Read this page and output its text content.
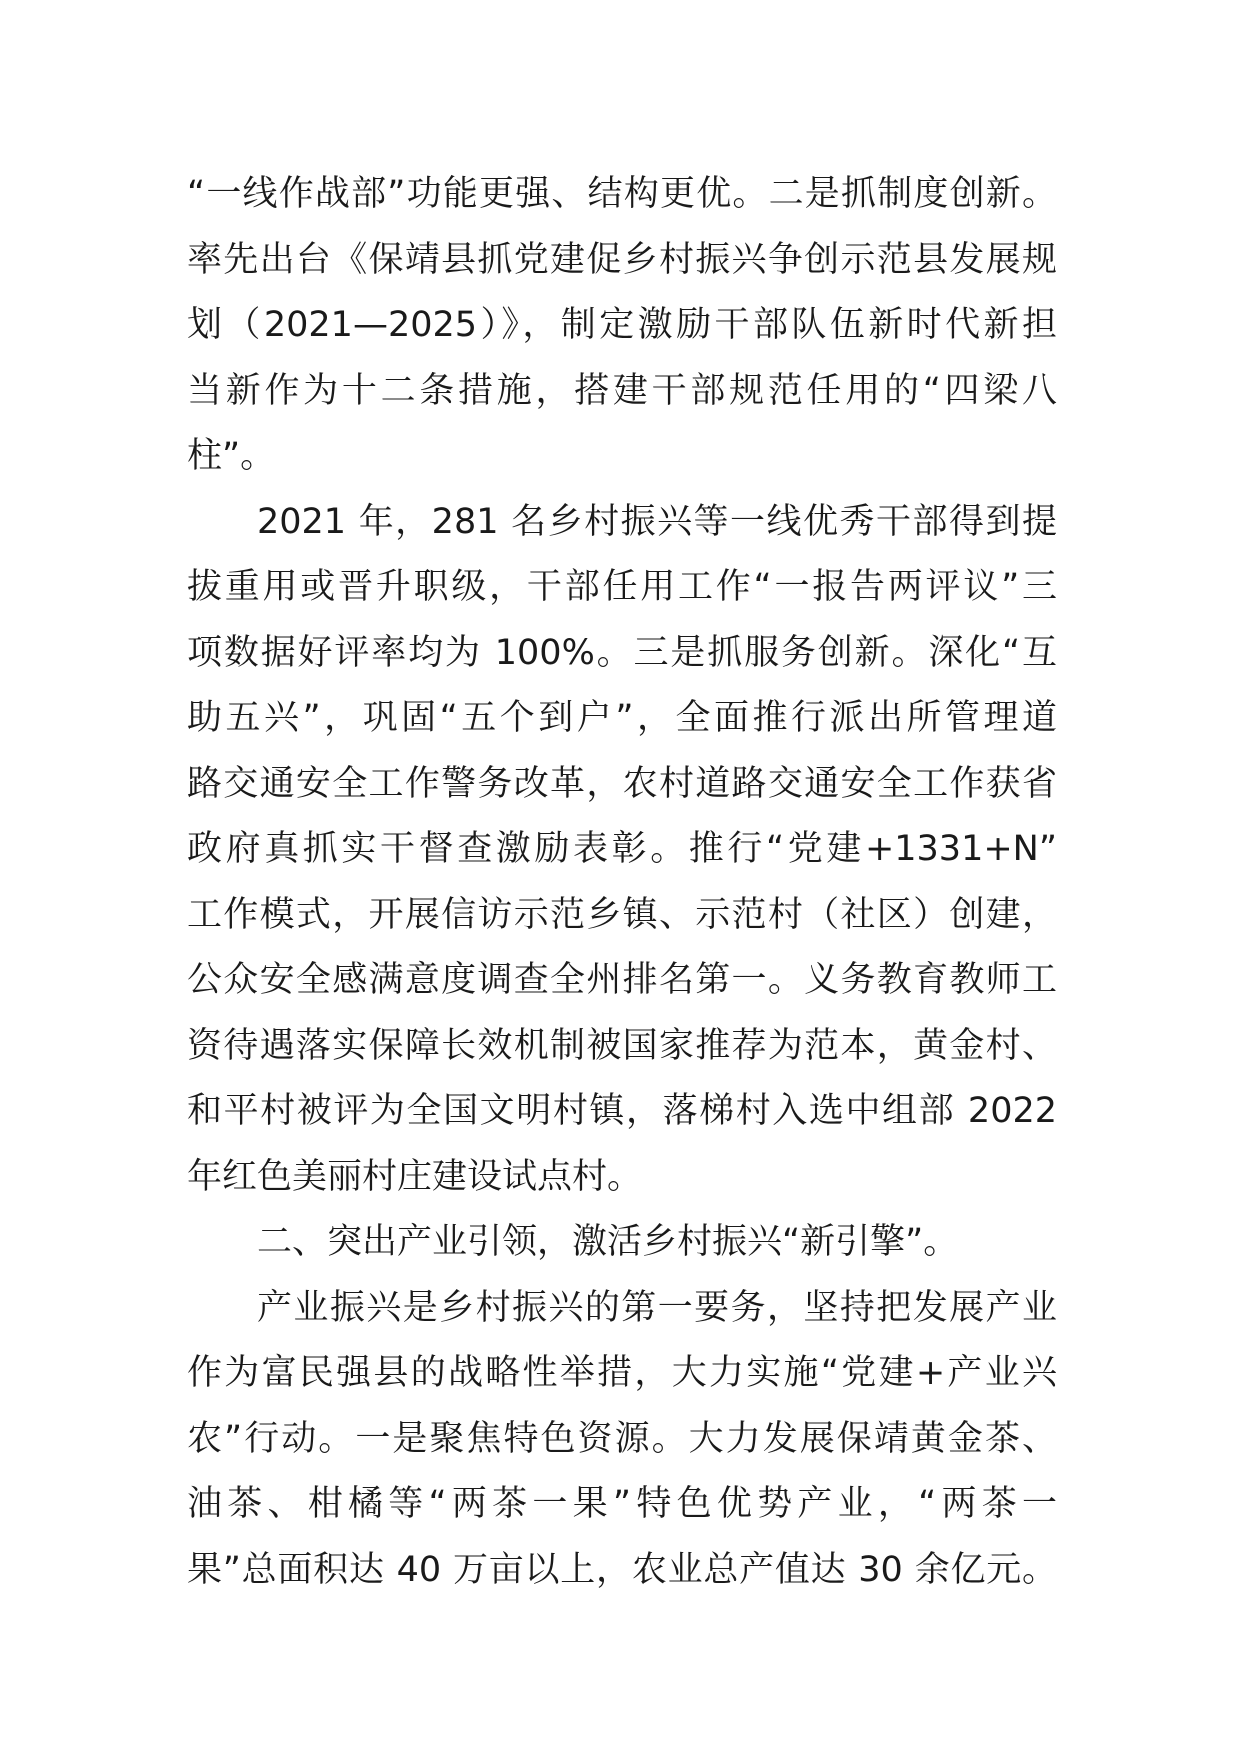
“一线作战部”功能更强、结构更优。二是抓制度创新。
率先出台《保靖县抓党建促乡村振兴争创示范县发展规
划（2021—2025）》，制定激励干部队伍新时代新担
当新作为十二条措施，搭建干部规范任用的“四梁八
柱”。
2021 年，281 名乡村振兴等一线优秀干部得到提
拔重用或晋升职级，干部任用工作“一报告两评议”三
项数据好评率均为 100%。三是抓服务创新。深化“互
助五兴”，巩固“五个到户”，全面推行派出所管理道
路交通安全工作警务改革，农村道路交通安全工作获省
政府真抓实干督查激励表彰。推行“党建+1331+N”
工作模式，开展信访示范乡镇、示范村（社区）创建，
公众安全感满意度调查全州排名第一。义务教育教师工
资待遇落实保障长效机制被国家推荐为范本，黄金村、
和平村被评为全国文明村镇，落梯村入选中组部 2022
年红色美丽村庄建设试点村。
二、突出产业引领，激活乡村振兴“新引擎”。
产业振兴是乡村振兴的第一要务，坚持把发展产业
作为富民强县的战略性举措，大力实施“党建+产业兴
农”行动。一是聚焦特色资源。大力发展保靖黄金茶、
油茶、柑橘等“两茶一果”特色优势产业，“两茶一
果”总面积达 40 万亩以上，农业总产值达 30 余亿元。
